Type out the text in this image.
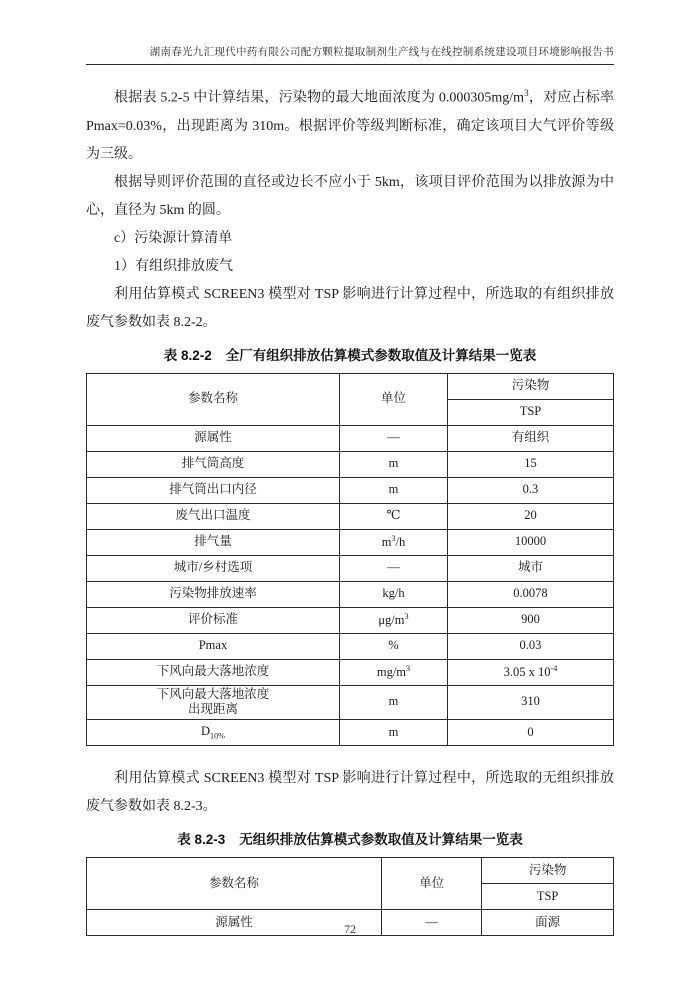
湖南春光九汇现代中药有限公司配方颗粒提取制剂生产线与在线控制系统建设项目环境影响报告书

根据表 5.2-5 中计算结果，污染物的最大地面浓度为 $0.000305mg/m^3$，对应占标率 Pmax=0.03%，出现距离为 310m。根据评价等级判断标准，确定该项目大气评价等级为三级。

根据导则评价范围的直径或边长不应小于 5km，该项目评价范围为以排放源为中心，直径为 5km 的圆。

c）污染源计算清单

1）有组织排放废气

利用估算模式 SCREEN3 模型对 TSP 影响进行计算过程中，所选取的有组织排放废气参数如表 8.2-2。

表 8.2-2 全厂有组织排放估算模式参数取值及计算结果一览表
参数名称	单位	污染物
		TSP
源属性	—	有组织
排气筒高度	m	15
排气筒出口内径	m	0.3
废气出口温度	℃	20
排气量	$m^3/h$	10000
城市/乡村选项	—	城市
污染物排放速率	kg/h	0.0078
评价标准	$\mu g/m^3$	900
Pmax	%	0.03
下风向最大落地浓度	$mg/m^3$	3.05 x $10^{-4}$
下风向最大落地浓度
出现距离	m	310
$D_{10\%}$	m	0

利用估算模式 SCREEN3 模型对 TSP 影响进行计算过程中，所选取的无组织排放废气参数如表 8.2-3。

表 8.2-3 无组织排放估算模式参数取值及计算结果一览表
参数名称	单位	污染物
		TSP
源属性	—	面源
72
